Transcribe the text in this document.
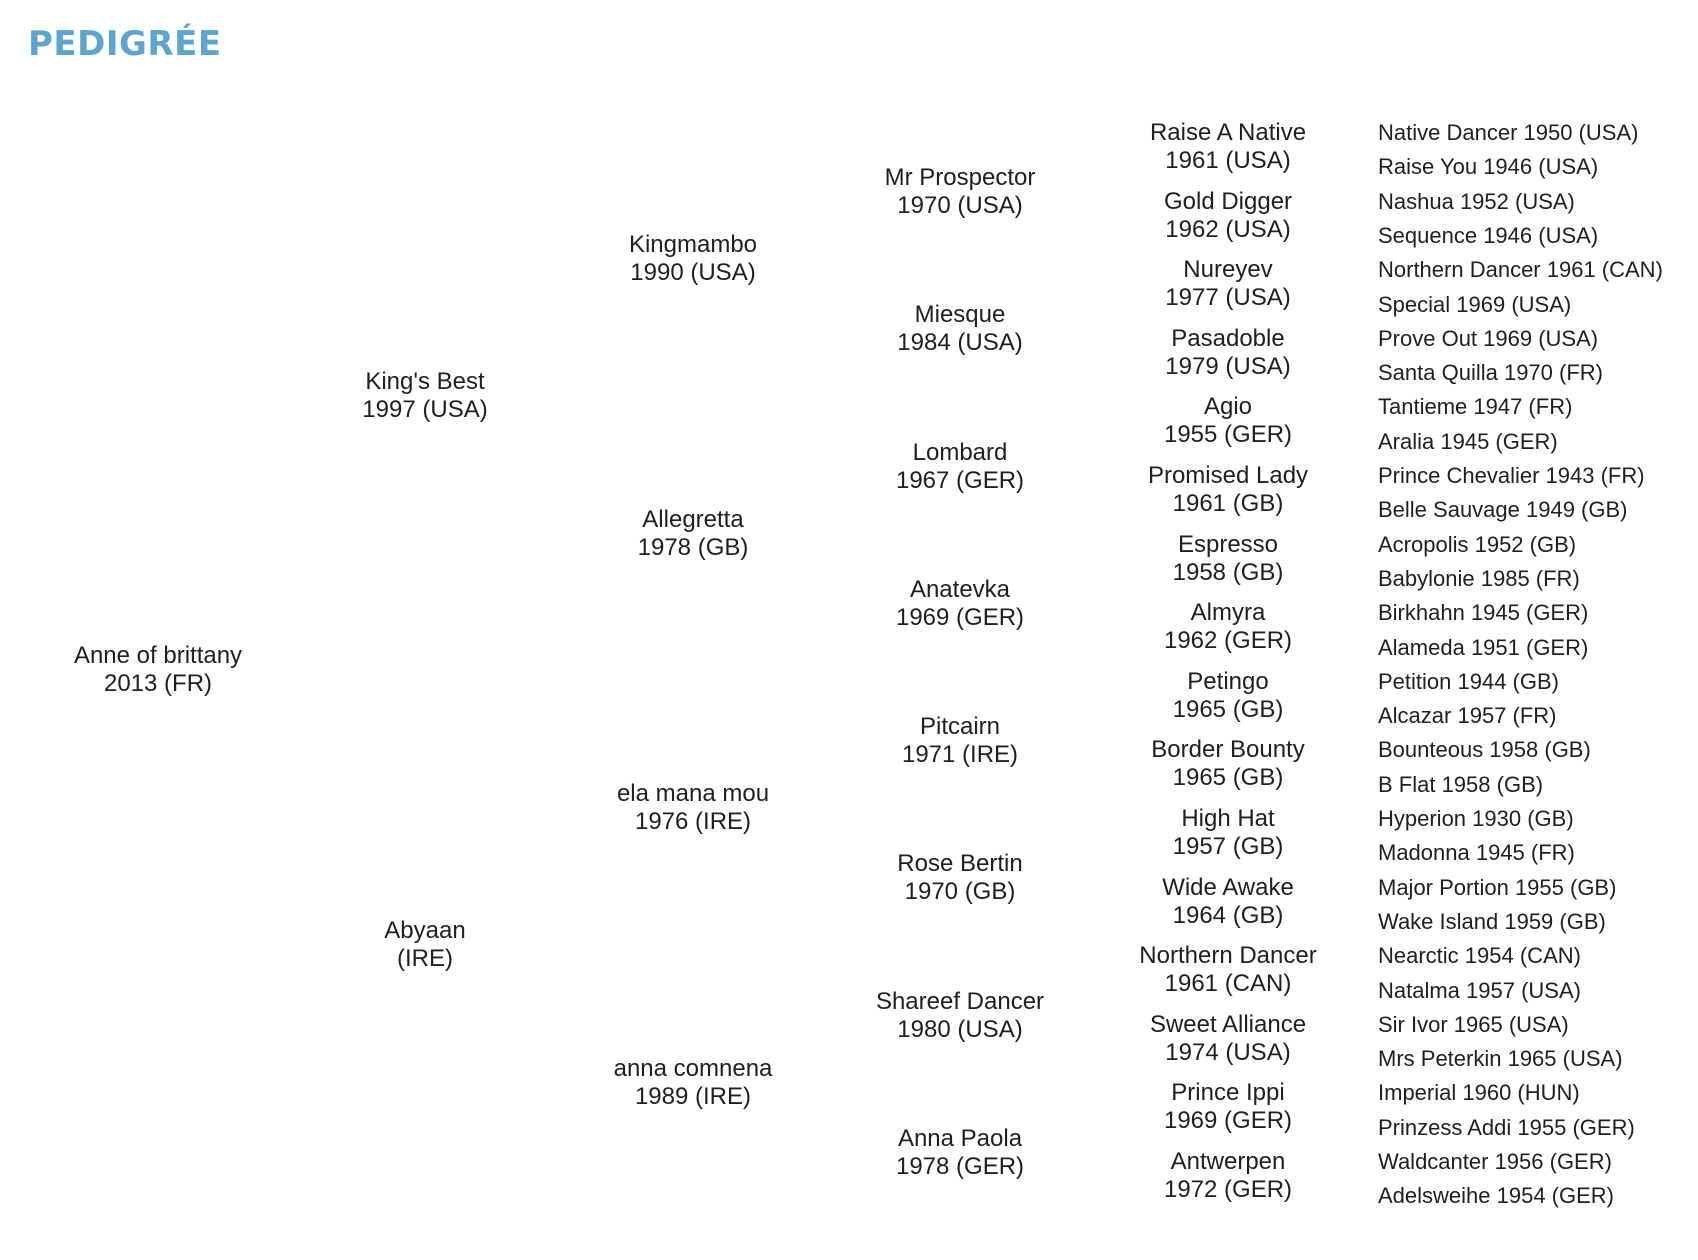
PEDIGRÉE
Anne of brittany
2013 (FR)
King's Best
1997 (USA)
Abyaan
(IRE)
Kingmambo
1990 (USA)
Allegretta
1978 (GB)
ela mana mou
1976 (IRE)
anna comnena
1989 (IRE)
Mr Prospector
1970 (USA)
Miesque
1984 (USA)
Lombard
1967 (GER)
Anatevka
1969 (GER)
Pitcairn
1971 (IRE)
Rose Bertin
1970 (GB)
Shareef Dancer
1980 (USA)
Anna Paola
1978 (GER)
Raise A Native
1961 (USA)
Gold Digger
1962 (USA)
Nureyev
1977 (USA)
Pasadoble
1979 (USA)
Agio
1955 (GER)
Promised Lady
1961 (GB)
Espresso
1958 (GB)
Almyra
1962 (GER)
Petingo
1965 (GB)
Border Bounty
1965 (GB)
High Hat
1957 (GB)
Wide Awake
1964 (GB)
Northern Dancer
1961 (CAN)
Sweet Alliance
1974 (USA)
Prince Ippi
1969 (GER)
Antwerpen
1972 (GER)
Native Dancer 1950 (USA)
Raise You 1946 (USA)
Nashua 1952 (USA)
Sequence 1946 (USA)
Northern Dancer 1961 (CAN)
Special 1969 (USA)
Prove Out 1969 (USA)
Santa Quilla 1970 (FR)
Tantieme 1947 (FR)
Aralia 1945 (GER)
Prince Chevalier 1943 (FR)
Belle Sauvage 1949 (GB)
Acropolis 1952 (GB)
Babylonie 1985 (FR)
Birkhahn 1945 (GER)
Alameda 1951 (GER)
Petition 1944 (GB)
Alcazar 1957 (FR)
Bounteous 1958 (GB)
B Flat 1958 (GB)
Hyperion 1930 (GB)
Madonna 1945 (FR)
Major Portion 1955 (GB)
Wake Island 1959 (GB)
Nearctic 1954 (CAN)
Natalma 1957 (USA)
Sir Ivor 1965 (USA)
Mrs Peterkin 1965 (USA)
Imperial 1960 (HUN)
Prinzess Addi 1955 (GER)
Waldcanter 1956 (GER)
Adelsweihe 1954 (GER)
